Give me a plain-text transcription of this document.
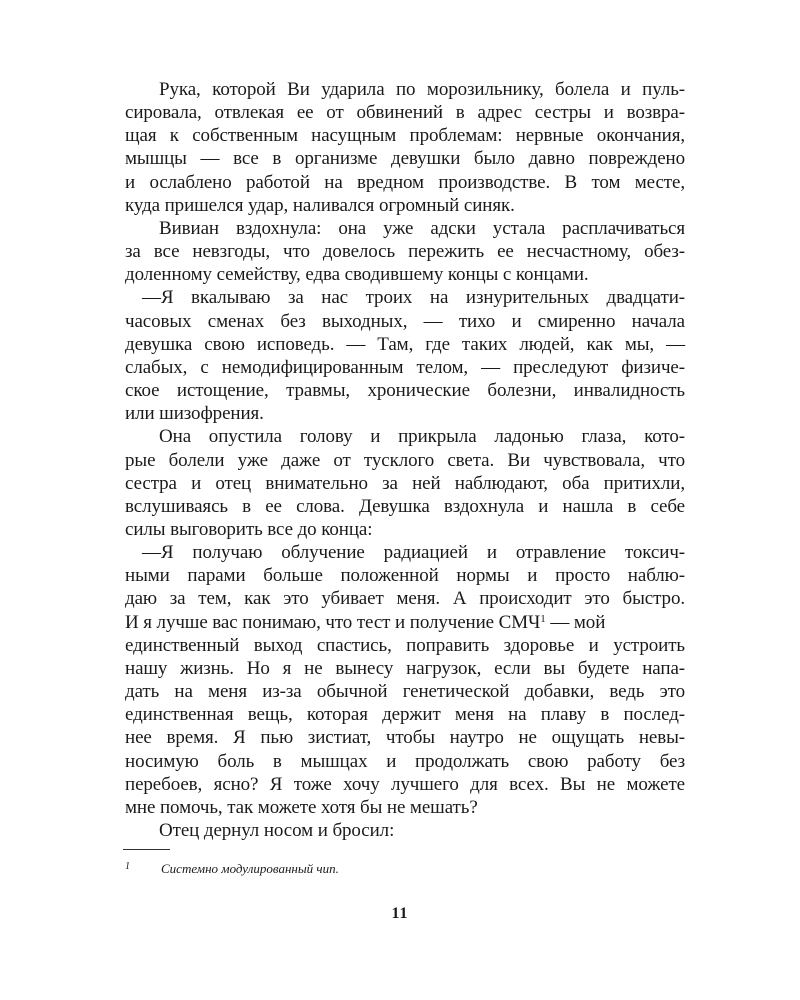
Рука, которой Ви ударила по морозильнику, болела и пуль-
сировала, отвлекая ее от обвинений в адрес сестры и возвра-
щая к собственным насущным проблемам: нервные окончания,
мышцы — все в организме девушки было давно повреждено
и ослаблено работой на вредном производстве. В том месте,
куда пришелся удар, наливался огромный синяк.
Вивиан вздохнула: она уже адски устала расплачиваться
за все невзгоды, что довелось пережить ее несчастному, обез-
доленному семейству, едва сводившему концы с концами.
—Я вкалываю за нас троих на изнурительных двадцати-
часовых сменах без выходных, — тихо и смиренно начала
девушка свою исповедь. — Там, где таких людей, как мы, —
слабых, с немодифицированным телом, — преследуют физиче-
ское истощение, травмы, хронические болезни, инвалидность
или шизофрения.
Она опустила голову и прикрыла ладонью глаза, кото-
рые болели уже даже от тусклого света. Ви чувствовала, что
сестра и отец внимательно за ней наблюдают, оба притихли,
вслушиваясь в ее слова. Девушка вздохнула и нашла в себе
силы выговорить все до конца:
—Я получаю облучение радиацией и отравление токсич-
ными парами больше положенной нормы и просто наблю-
даю за тем, как это убивает меня. А происходит это быстро.
И я лучше вас понимаю, что тест и получение СМЧ$^1$ — мой
единственный выход спастись, поправить здоровье и устроить
нашу жизнь. Но я не вынесу нагрузок, если вы будете напа-
дать на меня из-за обычной генетической добавки, ведь это
единственная вещь, которая держит меня на плаву в послед-
нее время. Я пью зистиат, чтобы наутро не ощущать невы-
носимую боль в мышцах и продолжать свою работу без
перебоев, ясно? Я тоже хочу лучшего для всех. Вы не можете
мне помочь, так можете хотя бы не мешать?
Отец дернул носом и бросил:
1 Системно модулированный чип.
11
